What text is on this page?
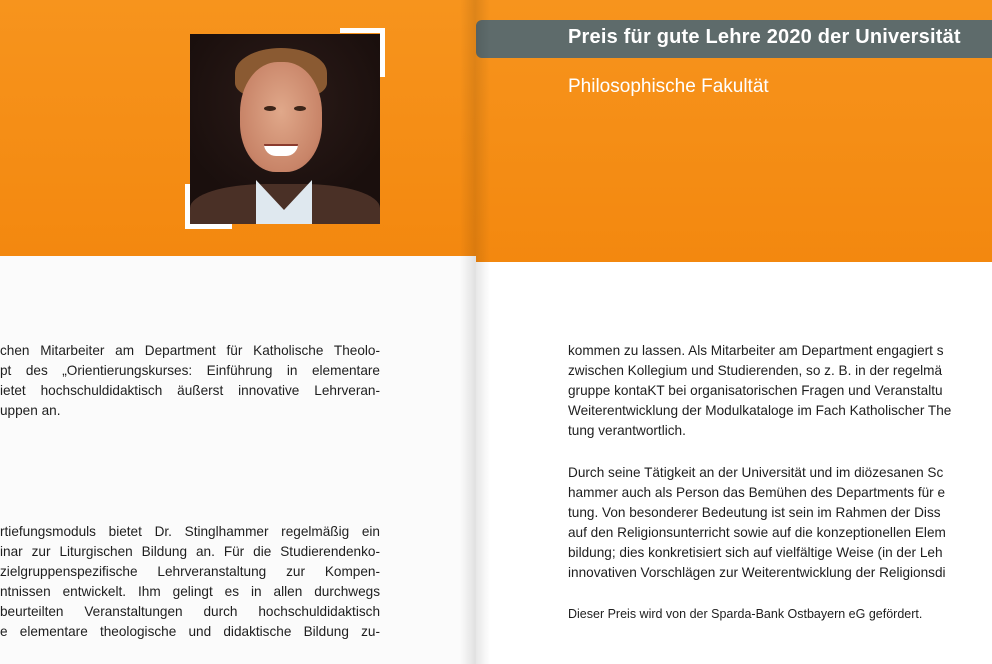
chen Mitarbeiter am Department für Katholische Theolo-
pt des „Orientierungskurses: Einführung in elementare
ietet hochschuldidaktisch äußerst innovative Lehrveran-
uppen an.
rtiefungsmoduls bietet Dr. Stinglhammer regelmäßig ein
inar zur Liturgischen Bildung an. Für die Studierendenko-
zielgruppenspezifische Lehrveranstaltung zur Kompen-
ntnissen entwickelt. Ihm gelingt es in allen durchwegs
beurteilten Veranstaltungen durch hochschuldidaktisch
e elementare theologische und didaktische Bildung zu-
Preis für gute Lehre 2020 der Universität
Philosophische Fakultät
kommen zu lassen. Als Mitarbeiter am Department engagiert s
zwischen Kollegium und Studierenden, so z. B. in der regelmä
gruppe kontaKT bei organisatorischen Fragen und Veranstaltu
Weiterentwicklung der Modulkataloge im Fach Katholischer The
tung verantwortlich.
Durch seine Tätigkeit an der Universität und im diözesanen Sc
hammer auch als Person das Bemühen des Departments für e
tung. Von besonderer Bedeutung ist sein im Rahmen der Diss
auf den Religionsunterricht sowie auf die konzeptionellen Elem
bildung; dies konkretisiert sich auf vielfältige Weise (in der Leh
innovativen Vorschlägen zur Weiterentwicklung der Religionsdi
Dieser Preis wird von der Sparda-Bank Ostbayern eG gefördert.
